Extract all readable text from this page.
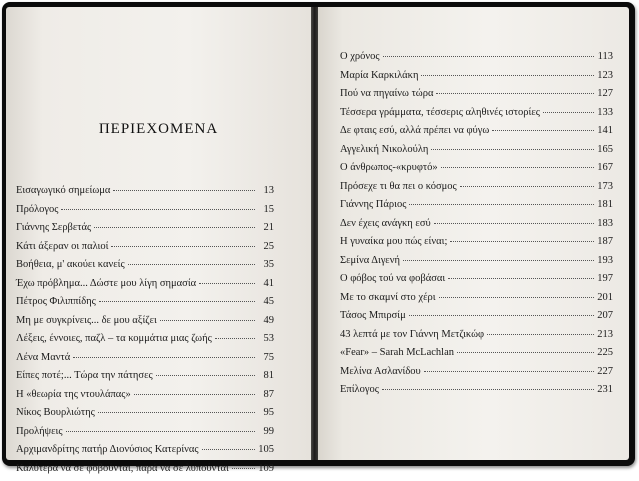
ΠΕΡΙΕΧΟΜΕΝΑ
Εισαγωγικό σημείωμα	13
Πρόλογος	15
Γιάννης Σερβετάς	21
Κάτι άξεραν οι παλιοί	25
Βοήθεια, μ' ακούει κανείς	35
Έχω πρόβλημα... Δώστε μου λίγη σημασία	41
Πέτρος Φιλιππίδης	45
Μη με συγκρίνεις... δε μου αξίζει	49
Λέξεις, έννοιες, παζλ – τα κομμάτια μιας ζωής	53
Λένα Μαντά	75
Είπες ποτέ;... Τώρα την πάτησες	81
Η «θεωρία της ντουλάπας»	87
Νίκος Βουρλιώτης	95
Προλήψεις	99
Αρχιμανδρίτης πατήρ Διονύσιος Κατερίνας	105
Καλύτερα να σε φοβούνται, παρά να σε λυπούνται	109
Ο χρόνος	113
Μαρία Καρκιλάκη	123
Πού να πηγαίνω τώρα	127
Τέσσερα γράμματα, τέσσερις αληθινές ιστορίες	133
Δε φταις εσύ, αλλά πρέπει να φύγω	141
Αγγελική Νικολούλη	165
Ο άνθρωπος-«κρυφτό»	167
Πρόσεχε τι θα πει ο κόσμος	173
Γιάννης Πάριος	181
Δεν έχεις ανάγκη εσύ	183
Η γυναίκα μου πώς είναι;	187
Σεμίνα Διγενή	193
Ο φόβος τού να φοβάσαι	197
Με το σκαμνί στο χέρι	201
Τάσος Μπιρσίμ	207
43 λεπτά με τον Γιάννη Μετζικώφ	213
«Fear» – Sarah McLachlan	225
Μελίνα Ασλανίδου	227
Επίλογος	231
